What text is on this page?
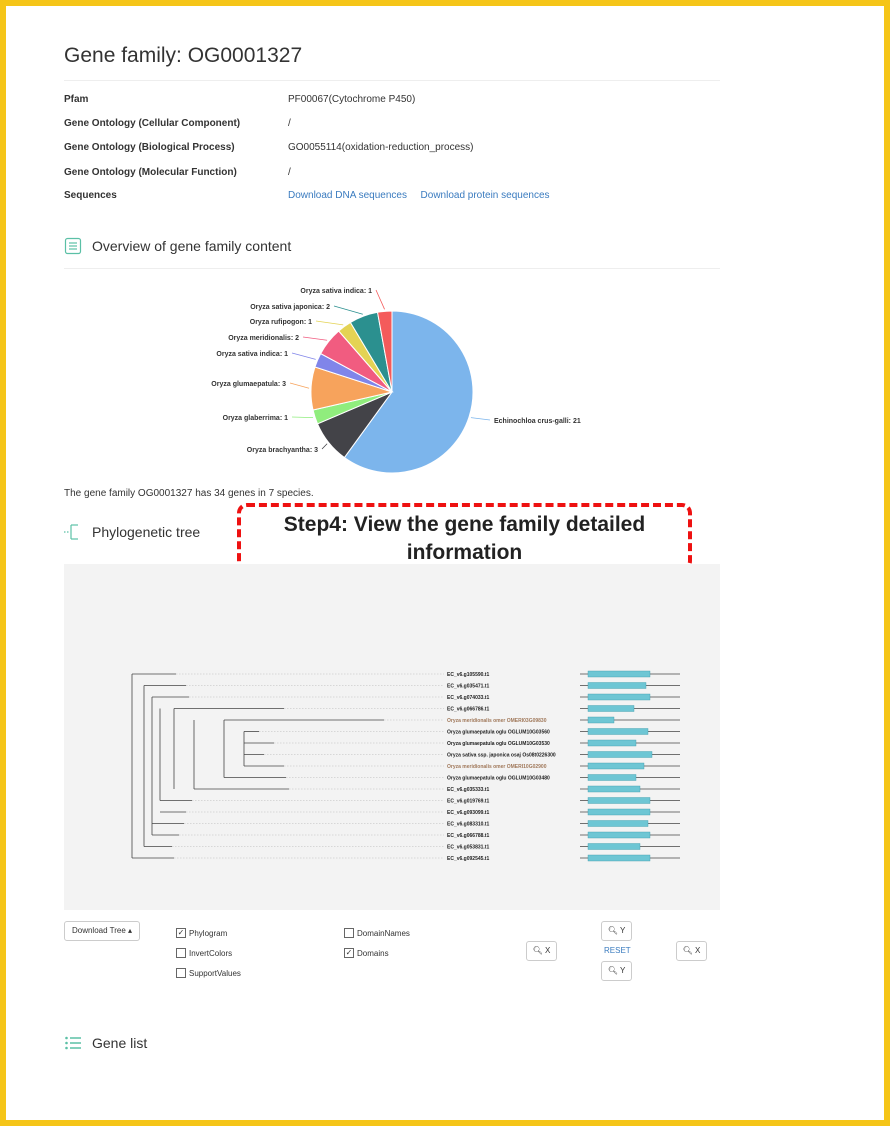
Gene family: OG0001327
Pfam	PF00067(Cytochrome P450)
Gene Ontology (Cellular Component)	/
Gene Ontology (Biological Process)	GO0055114(oxidation-reduction_process)
Gene Ontology (Molecular Function)	/
Sequences	Download DNA sequences Download protein sequences
Overview of gene family content
Echinochloa crus-galli: 21
Oryza brachyantha: 3
Oryza glaberrima: 1
Oryza glumaepatula: 3
Oryza sativa indica: 1
Oryza meridionalis: 2
Oryza rufipogon: 1
Oryza sativa japonica: 2
Oryza sativa indica: 1
The gene family OG0001327 has 34 genes in 7 species.
Phylogenetic tree	Step4: View the gene family detailed
information
EC_v6.g105590.t1
EC_v6.g035471.t1
EC_v6.g074033.t1
EC_v6.g066786.t1
Oryza meridionalis omer OMERI03G09830
Oryza glumaepatula oglu OGLUM10G03560
Oryza glumaepatula oglu OGLUM10G03530
Oryza sativa ssp. japonica osaj Os08t0226300
Oryza meridionalis omer OMERI10G02900
Oryza glumaepatula oglu OGLUM10G03480
EC_v6.g035333.t1
EC_v6.g019769.t1
EC_v6.g093099.t1
EC_v6.g083310.t1
EC_v6.g066788.t1
EC_v6.g053831.t1
EC_v6.g092545.t1
Download Tree ▴	✓ Phylogram
InvertColors
SupportValues
DomainNames
✓ Domains	🔍︎ X
🔍︎ Y
RESET
🔍︎ Y
🔍︎ X
Gene list
